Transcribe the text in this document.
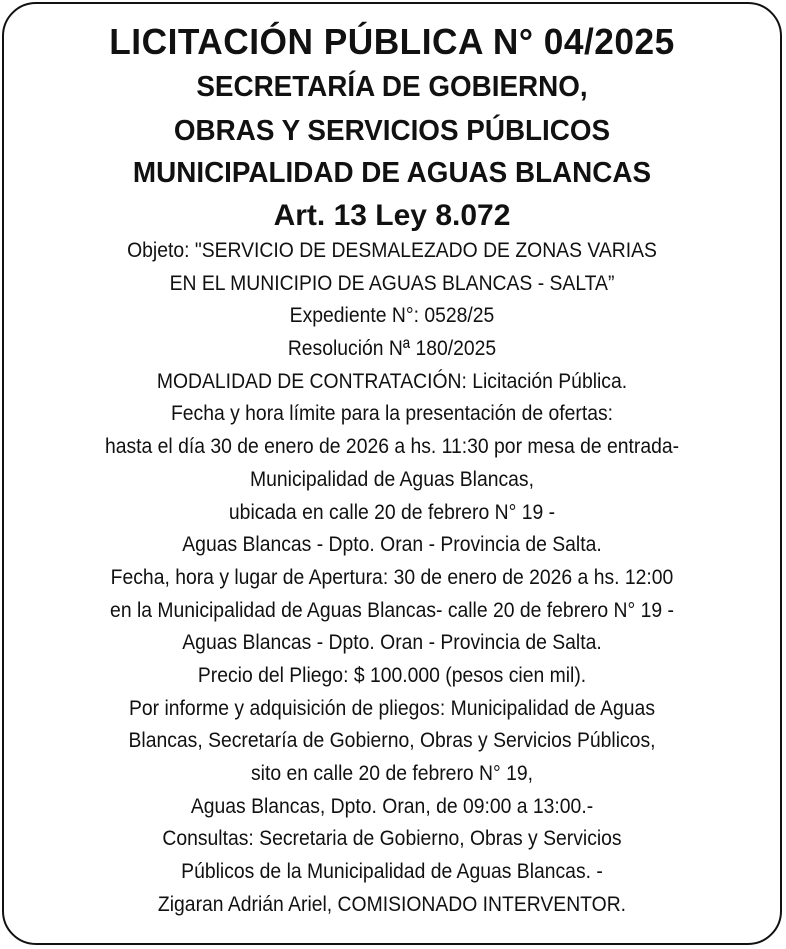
LICITACIÓN PÚBLICA N° 04/2025
SECRETARÍA DE GOBIERNO,
OBRAS Y SERVICIOS PÚBLICOS
MUNICIPALIDAD DE AGUAS BLANCAS
Art. 13 Ley 8.072
Objeto: "SERVICIO DE DESMALEZADO DE ZONAS VARIAS
EN EL MUNICIPIO DE AGUAS BLANCAS - SALTA”
Expediente N°: 0528/25
Resolución Nª 180/2025
MODALIDAD DE CONTRATACIÓN: Licitación Pública.
Fecha y hora límite para la presentación de ofertas:
hasta el día 30 de enero de 2026 a hs. 11:30 por mesa de entrada-
Municipalidad de Aguas Blancas,
ubicada en calle 20 de febrero N° 19 -
Aguas Blancas - Dpto. Oran - Provincia de Salta.
Fecha, hora y lugar de Apertura: 30 de enero de 2026 a hs. 12:00
en la Municipalidad de Aguas Blancas- calle 20 de febrero N° 19 -
Aguas Blancas - Dpto. Oran - Provincia de Salta.
Precio del Pliego: $ 100.000 (pesos cien mil).
Por informe y adquisición de pliegos: Municipalidad de Aguas
Blancas, Secretaría de Gobierno, Obras y Servicios Públicos,
sito en calle 20 de febrero N° 19,
Aguas Blancas, Dpto. Oran, de 09:00 a 13:00.-
Consultas: Secretaria de Gobierno, Obras y Servicios
Públicos de la Municipalidad de Aguas Blancas. -
Zigaran Adrián Ariel, COMISIONADO INTERVENTOR.
